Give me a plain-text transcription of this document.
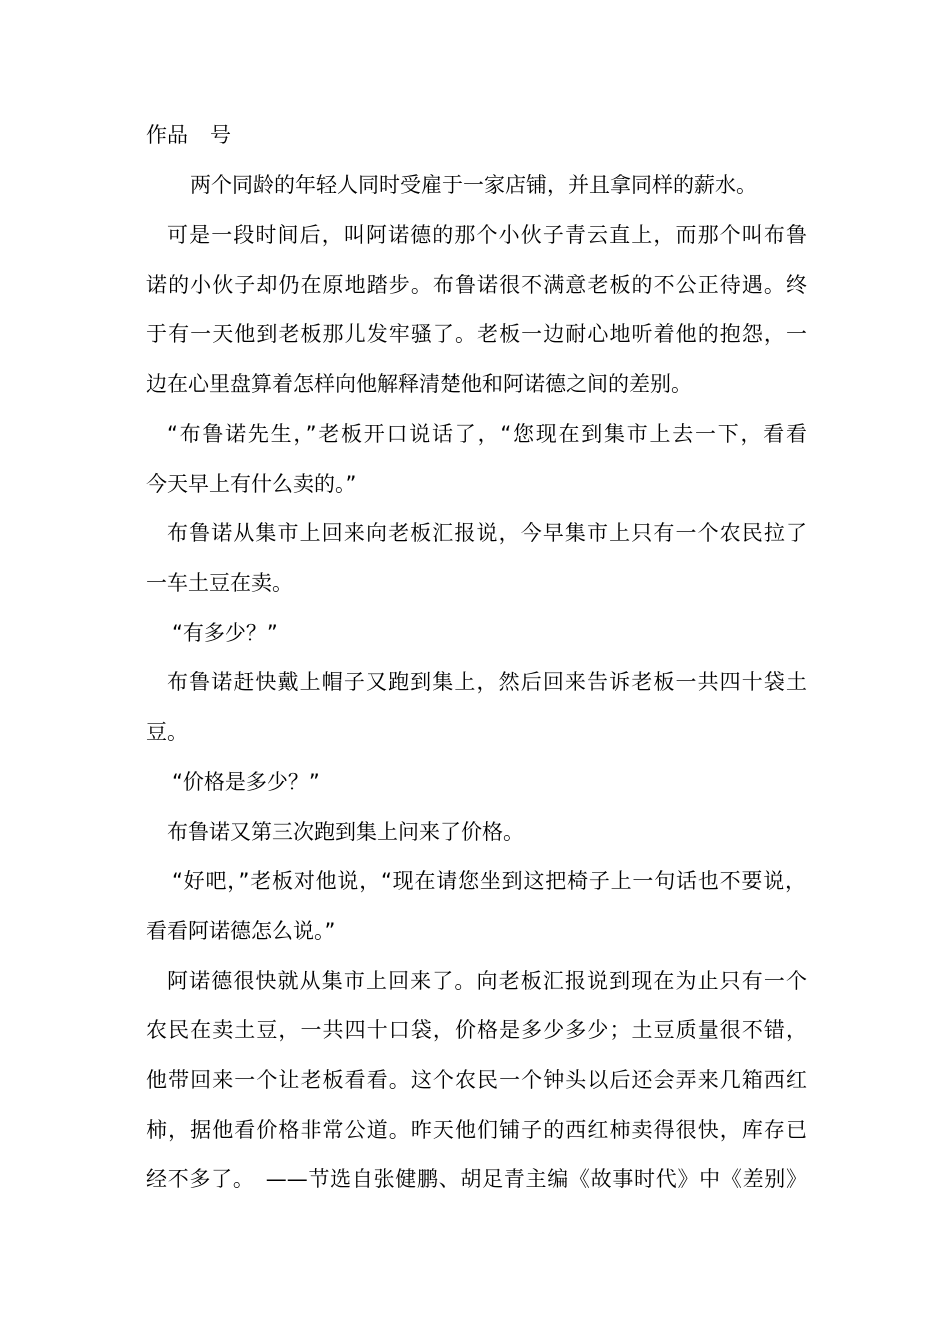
作品 号
两个同龄的年轻人同时受雇于一家店铺，并且拿同样的薪水。
可是一段时间后，叫阿诺德的那个小伙子青云直上，而那个叫布鲁
诺的小伙子却仍在原地踏步。布鲁诺很不满意老板的不公正待遇。终
于有一天他到老板那儿发牢骚了。老板一边耐心地听着他的抱怨，一
边在心里盘算着怎样向他解释清楚他和阿诺德之间的差别。
“布鲁诺先生，”老板开口说话了，“您现在到集市上去一下，看看
今天早上有什么卖的。”
布鲁诺从集市上回来向老板汇报说，今早集市上只有一个农民拉了
一车土豆在卖。
“有多少？”
布鲁诺赶快戴上帽子又跑到集上，然后回来告诉老板一共四十袋土
豆。
“价格是多少？”
布鲁诺又第三次跑到集上问来了价格。
“好吧，”老板对他说，“现在请您坐到这把椅子上一句话也不要说，
看看阿诺德怎么说。”
阿诺德很快就从集市上回来了。向老板汇报说到现在为止只有一个
农民在卖土豆，一共四十口袋，价格是多少多少；土豆质量很不错，
他带回来一个让老板看看。这个农民一个钟头以后还会弄来几箱西红
柿，据他看价格非常公道。昨天他们铺子的西红柿卖得很快，库存已
经不多了。　——节选自张健鹏、胡足青主编《故事时代》中《差别》
